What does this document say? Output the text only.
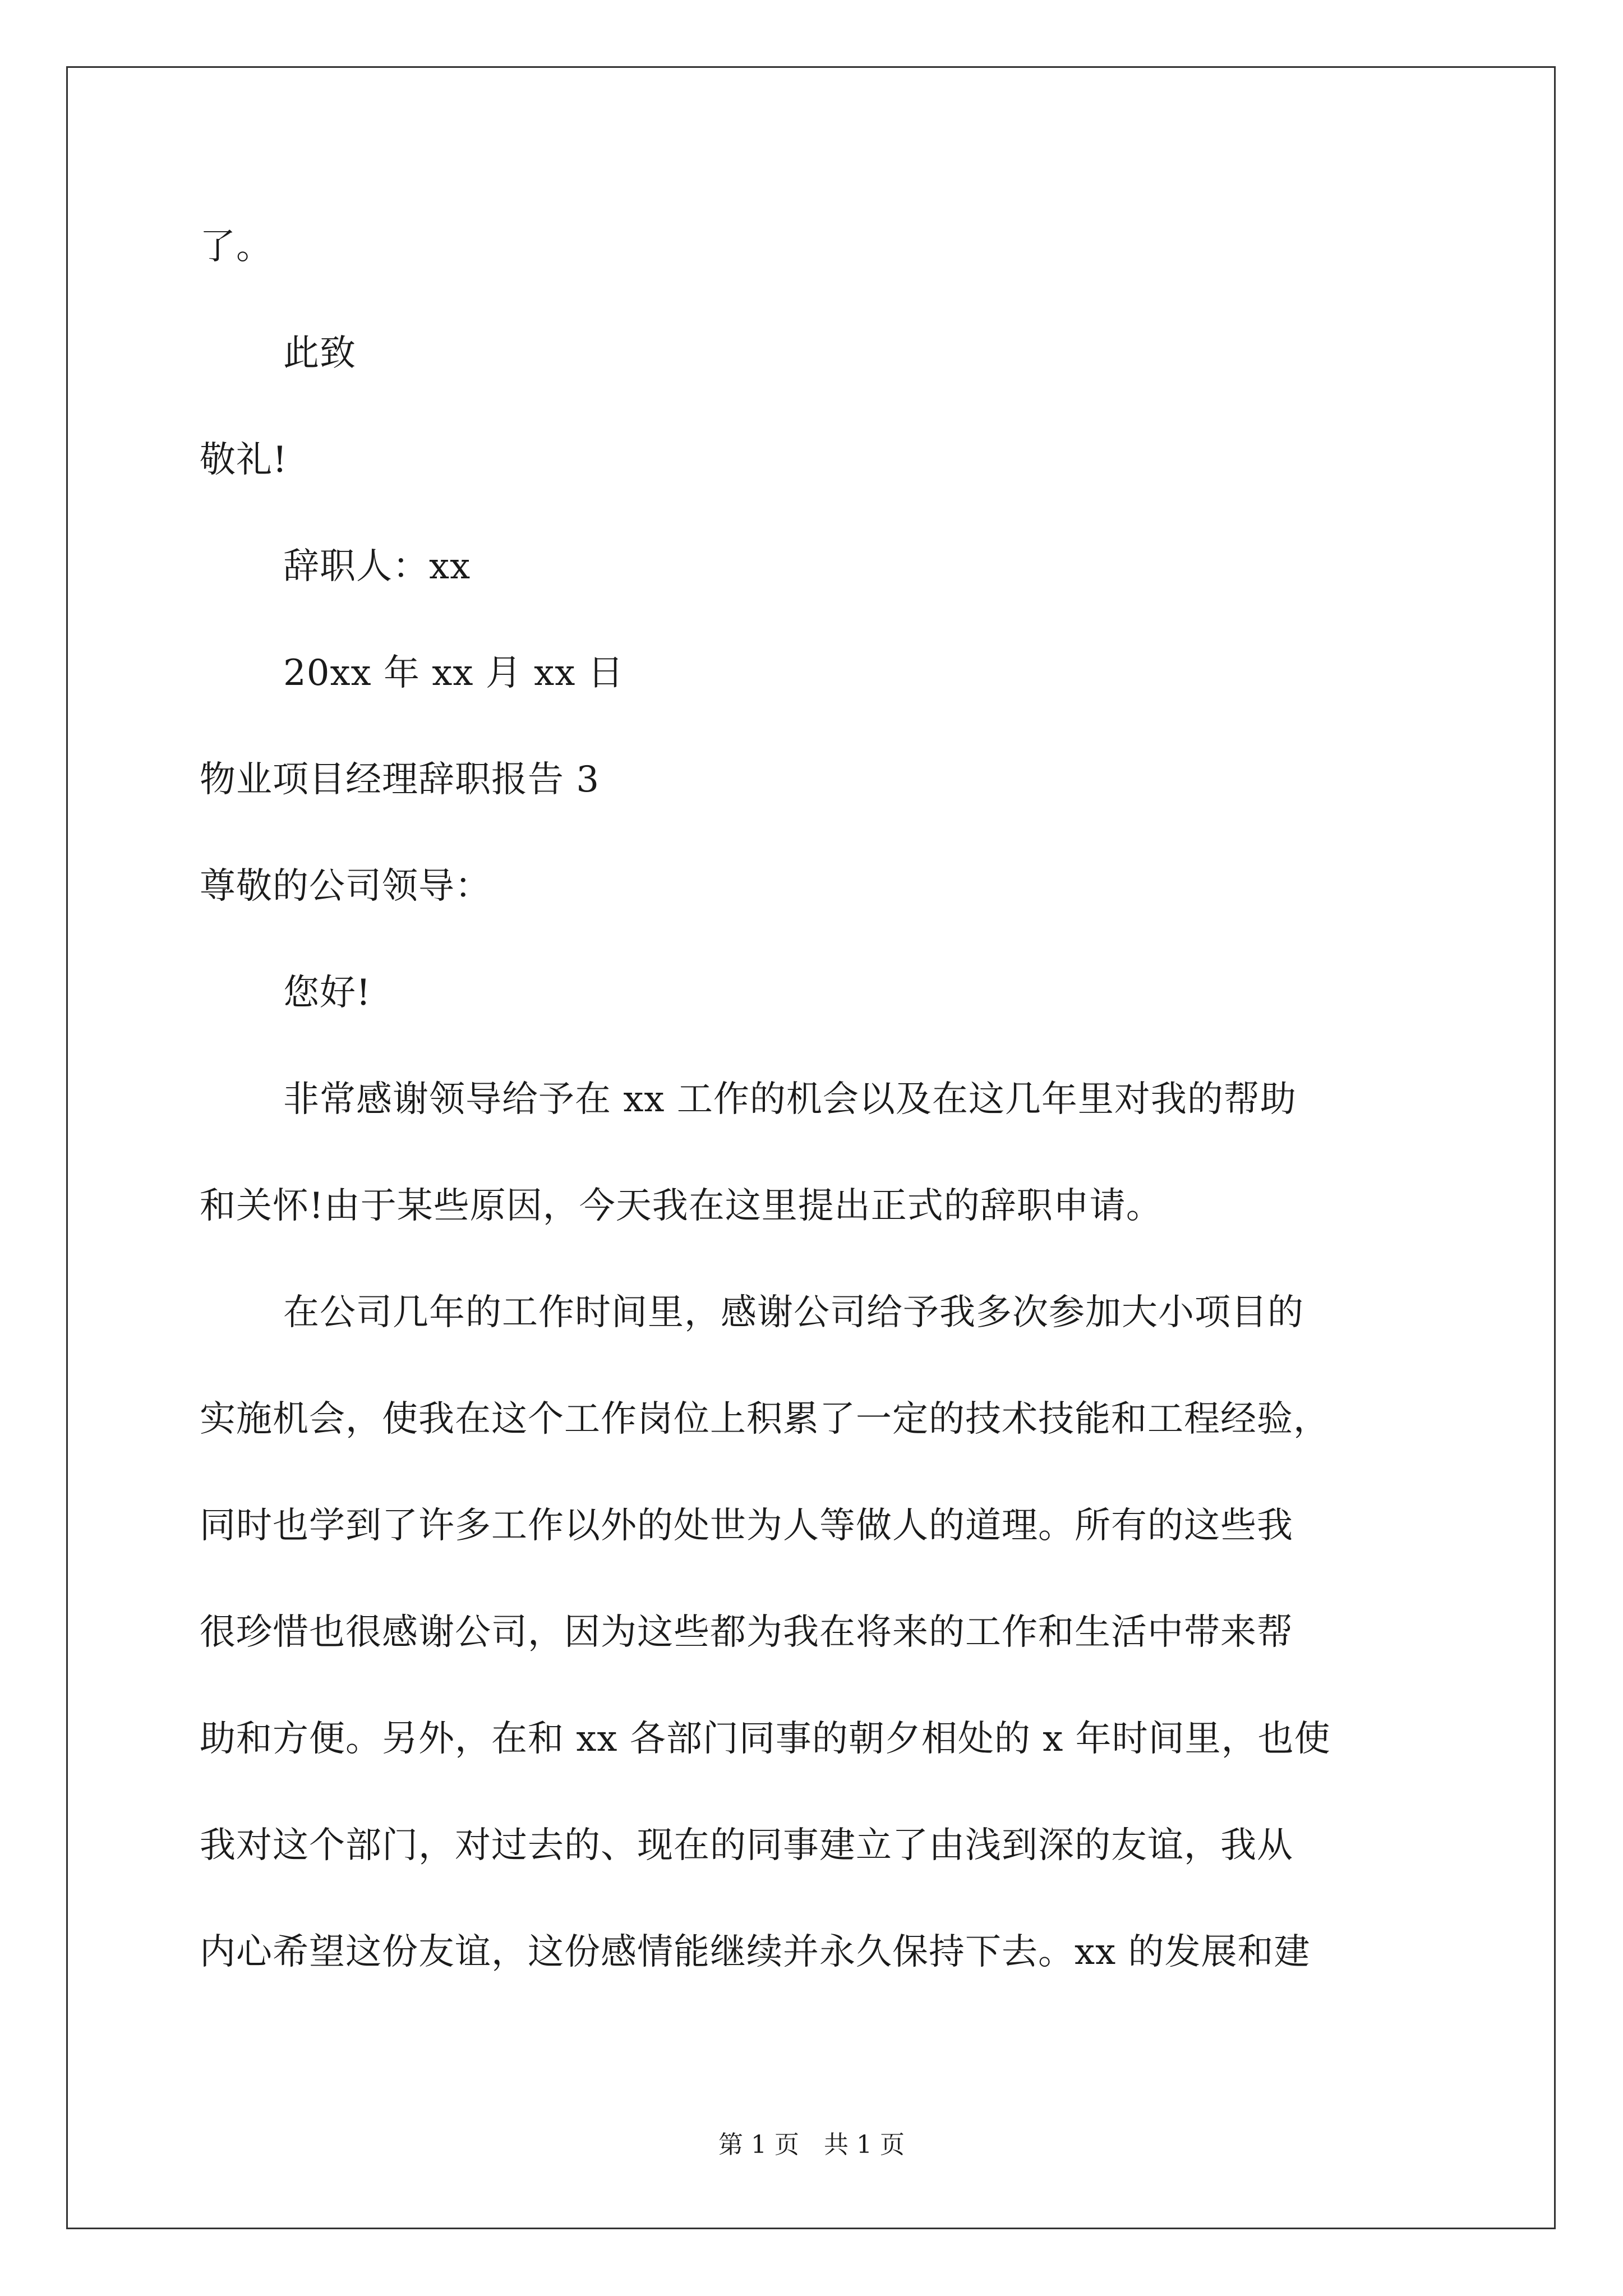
了。
此致
敬礼!
辞职人：xx
20xx 年 xx 月 xx 日
物业项目经理辞职报告 3
尊敬的公司领导：
您好!
非常感谢领导给予在 xx 工作的机会以及在这几年里对我的帮助
和关怀!由于某些原因，今天我在这里提出正式的辞职申请。
在公司几年的工作时间里，感谢公司给予我多次参加大小项目的
实施机会，使我在这个工作岗位上积累了一定的技术技能和工程经验，
同时也学到了许多工作以外的处世为人等做人的道理。所有的这些我
很珍惜也很感谢公司，因为这些都为我在将来的工作和生活中带来帮
助和方便。另外，在和 xx 各部门同事的朝夕相处的 x 年时间里，也使
我对这个部门，对过去的、现在的同事建立了由浅到深的友谊，我从
内心希望这份友谊，这份感情能继续并永久保持下去。xx 的发展和建
第 1 页　共 1 页
